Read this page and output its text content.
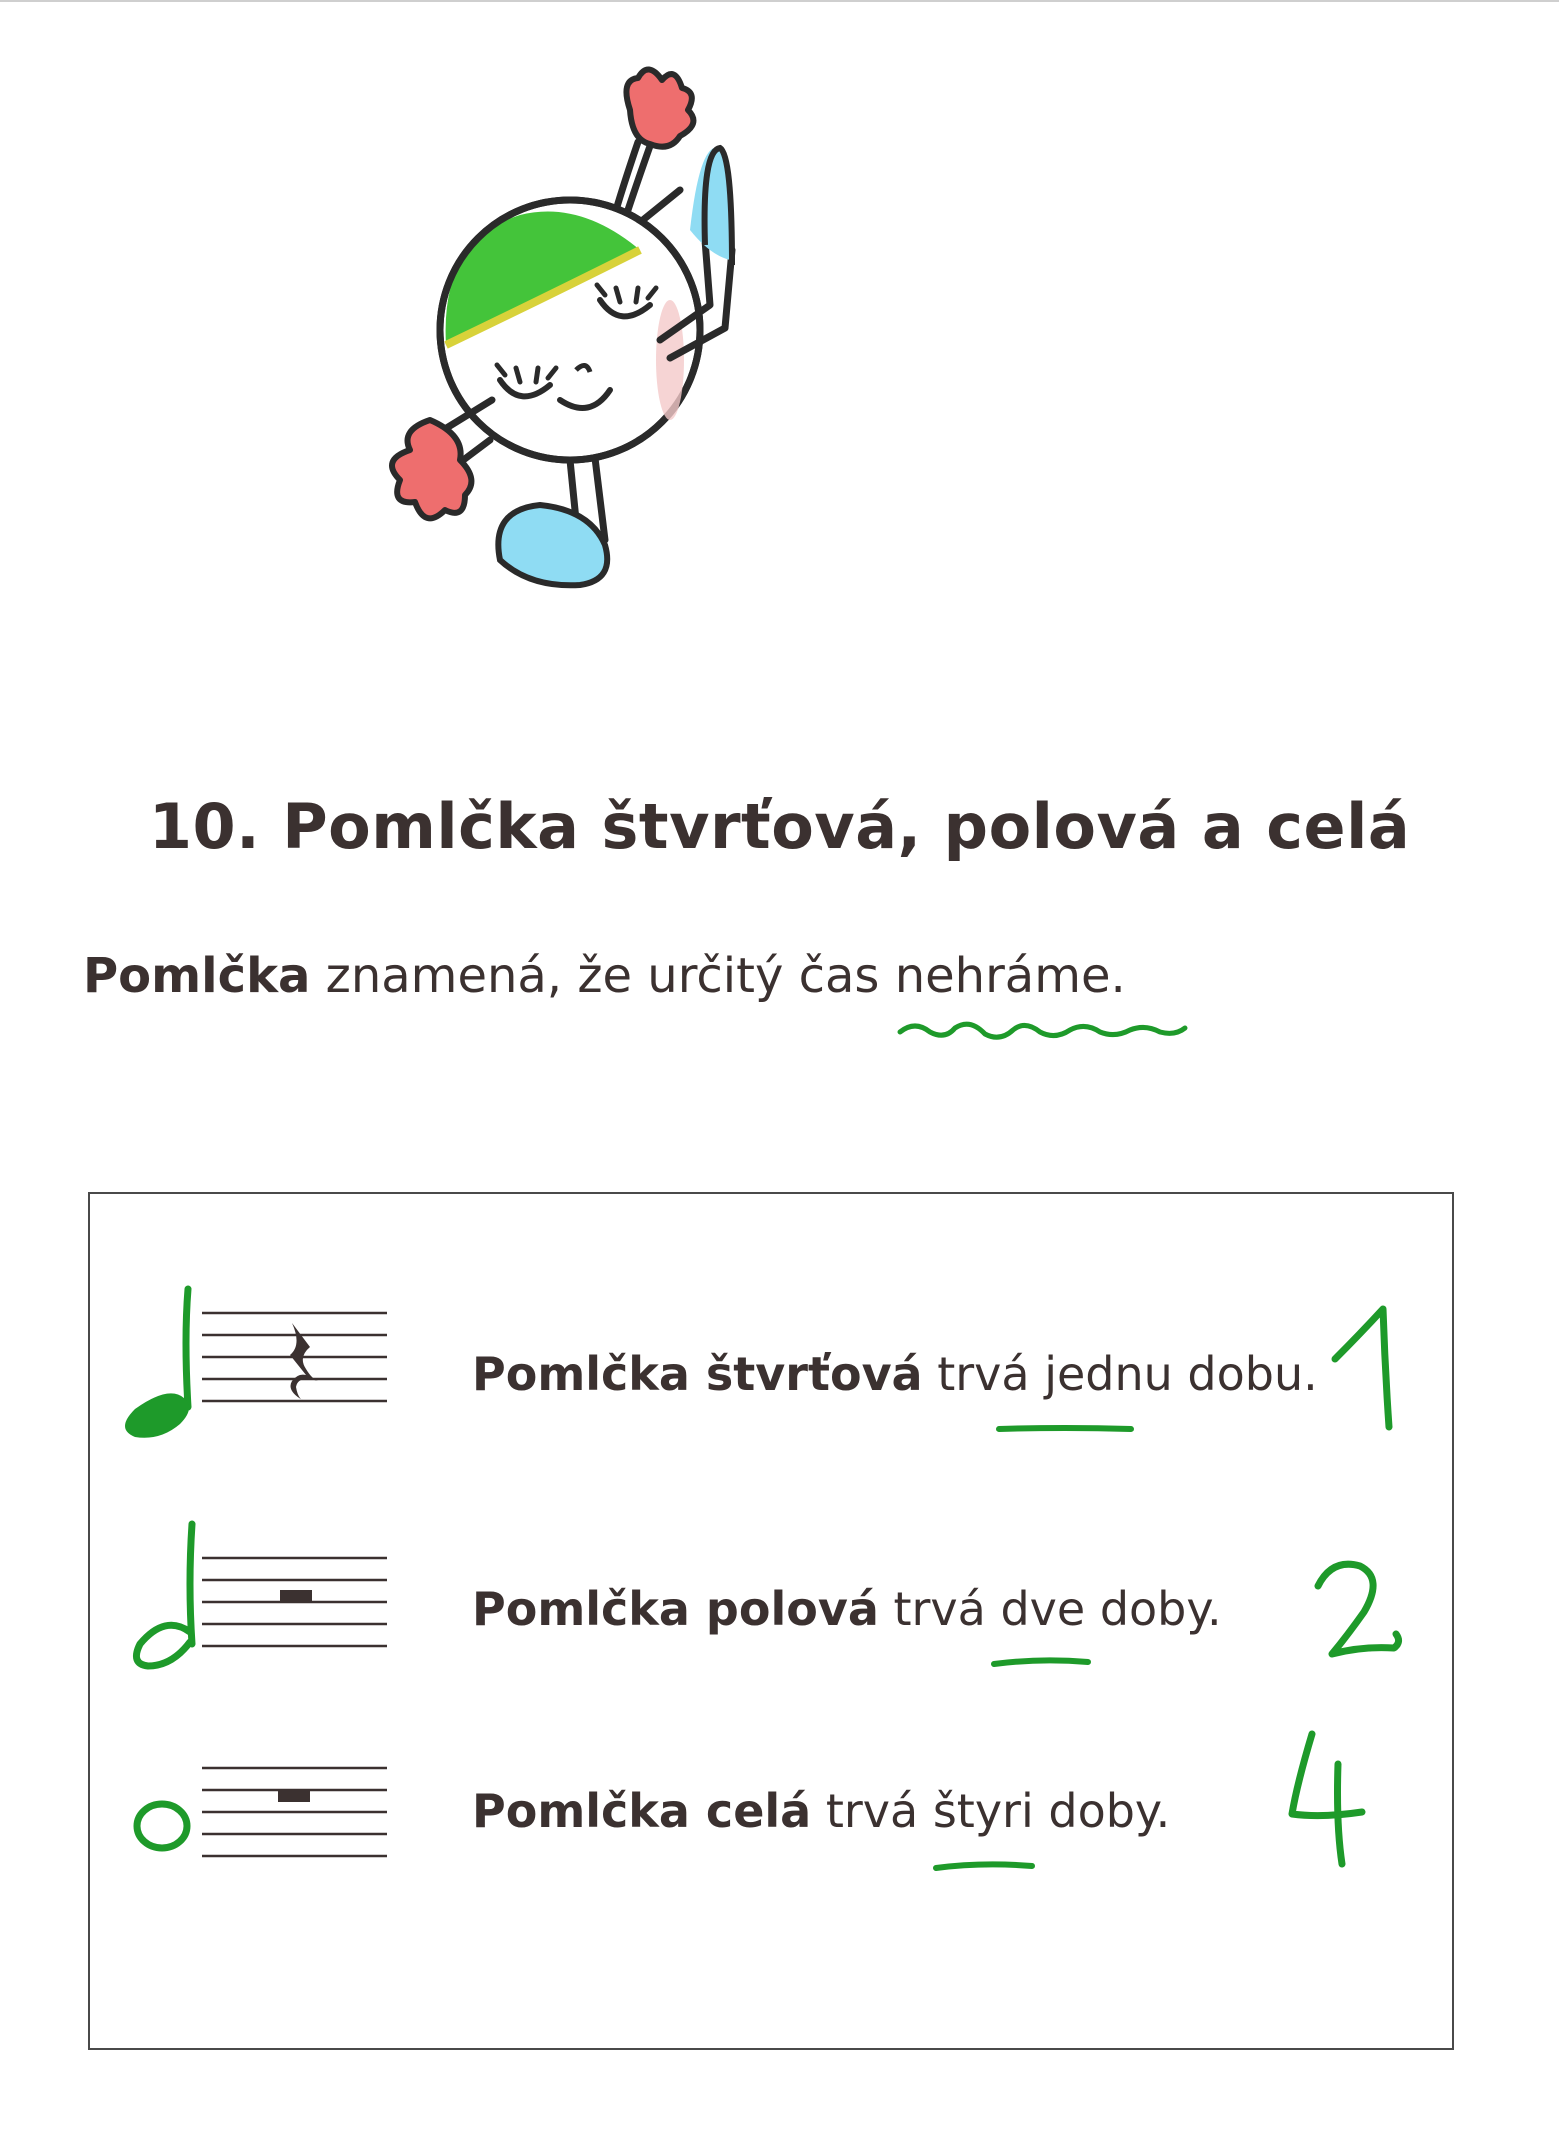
10. Pomlčka štvrťová, polová a celá
Pomlčka znamená, že určitý čas nehráme.
Pomlčka štvrťová trvá jednu dobu.
Pomlčka polová trvá dve doby.
Pomlčka celá trvá štyri doby.
